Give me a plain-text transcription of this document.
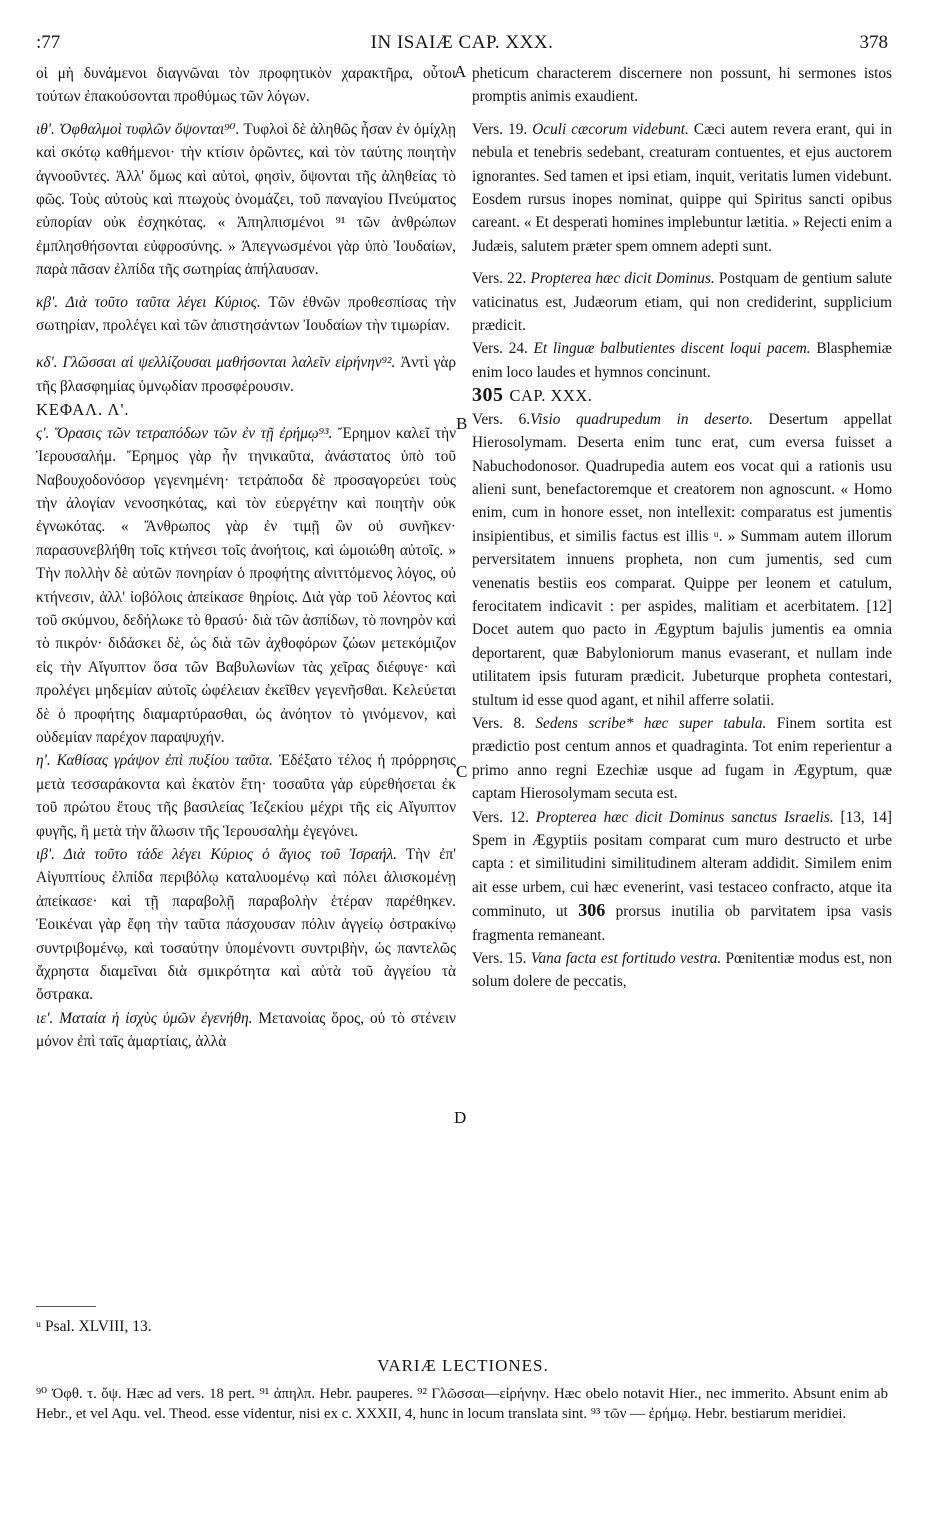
:77	IN ISAIÆ CAP. XXX.	378
A
B
C
D

οἱ μὴ δυνάμενοι διαγνῶναι τὸν προφητικὸν χαρακτῆρα, οὗτοι τούτων ἐπακούσονται προθύμως τῶν λόγων.

ιθ'. Ὀφθαλμοὶ τυφλῶν ὄψονται⁹⁰. Τυφλοὶ δὲ ἀληθῶς ἦσαν ἐν ὁμίχλῃ καὶ σκότῳ καθήμενοι· τὴν κτίσιν ὁρῶντες, καὶ τὸν ταύτης ποιητὴν ἀγνοοῦντες. Ἀλλ' ὅμως καὶ αὐτοὶ, φησὶν, ὄψονται τῆς ἀληθείας τὸ φῶς. Τοὺς αὐτοὺς καὶ πτωχοὺς ὀνομάζει, τοῦ παναγίου Πνεύματος εὐπορίαν οὐκ ἐσχηκότας. « Ἀπηλπισμένοι ⁹¹ τῶν ἀνθρώπων ἐμπλησθήσονται εὐφροσύνης. » Ἀπεγνωσμένοι γὰρ ὑπὸ Ἰουδαίων, παρὰ πᾶσαν ἐλπίδα τῆς σωτηρίας ἀπήλαυσαν.

κβ'. Διὰ τοῦτο ταῦτα λέγει Κύριος. Τῶν ἐθνῶν προθεσπίσας τὴν σωτηρίαν, προλέγει καὶ τῶν ἀπιστησάντων Ἰουδαίων τὴν τιμωρίαν.

κδ'. Γλῶσσαι αἱ ψελλίζουσαι μαθήσονται λαλεῖν εἰρήνην⁹². Ἀντὶ γὰρ τῆς βλασφημίας ὑμνῳδίαν προσφέρουσιν.

ΚΕΦΑΛ. Λ'.

ς'. Ὅρασις τῶν τετραπόδων τῶν ἐν τῇ ἐρήμῳ⁹³. Ἔρημον καλεῖ τὴν Ἱερουσαλήμ. Ἔρημος γὰρ ἦν τηνικαῦτα, ἀνάστατος ὑπὸ τοῦ Ναβουχοδονόσορ γεγενημένη· τετράποδα δὲ προσαγορεύει τοὺς τὴν ἀλογίαν νενοσηκότας, καὶ τὸν εὐεργέτην καὶ ποιητὴν οὐκ ἐγνωκότας. « Ἄνθρωπος γὰρ ἐν τιμῇ ὢν οὐ συνῆκεν· παρασυνεβλήθη τοῖς κτήνεσι τοῖς ἀνοήτοις, καὶ ὡμοιώθη αὐτοῖς. » Τὴν πολλὴν δὲ αὐτῶν πονηρίαν ὁ προφήτης αἰνιττόμενος λόγος, οὐ κτήνεσιν, ἀλλ' ἰοβόλοις ἀπείκασε θηρίοις. Διὰ γὰρ τοῦ λέοντος καὶ τοῦ σκύμνου, δεδήλωκε τὸ θρασύ· διὰ τῶν ἀσπίδων, τὸ πονηρὸν καὶ τὸ πικρόν· διδάσκει δὲ, ὡς διὰ τῶν ἀχθοφόρων ζώων μετεκόμιζον εἰς τὴν Αἴγυπτον ὅσα τῶν Βαβυλωνίων τὰς χεῖρας διέφυγε· καὶ προλέγει μηδεμίαν αὐτοῖς ὠφέλειαν ἐκεῖθεν γεγενῆσθαι. Κελεύεται δὲ ὁ προφήτης διαμαρτύρασθαι, ὡς ἀνόητον τὸ γινόμενον, καὶ οὐδεμίαν παρέχον παραψυχήν.

η'. Καθίσας γράψον ἐπὶ πυξίου ταῦτα. Ἐδέξατο τέλος ἡ πρόρρησις μετὰ τεσσαράκοντα καὶ ἑκατὸν ἔτη· τοσαῦτα γὰρ εὑρεθήσεται ἐκ τοῦ πρώτου ἔτους τῆς βασιλείας Ἰεζεκίου μέχρι τῆς εἰς Αἴγυπτον φυγῆς, ἢ μετὰ τὴν ἅλωσιν τῆς Ἱερουσαλὴμ ἐγεγόνει.

ιβ'. Διὰ τοῦτο τάδε λέγει Κύριος ὁ ἅγιος τοῦ Ἰσραήλ. Τὴν ἐπ' Αἰγυπτίους ἐλπίδα περιβόλῳ καταλυομένῳ καὶ πόλει ἁλισκομένῃ ἀπείκασε· καὶ τῇ παραβολῇ παραβολὴν ἑτέραν παρέθηκεν. Ἐοικέναι γὰρ ἔφη τὴν ταῦτα πάσχουσαν πόλιν ἀγγείῳ ὀστρακίνῳ συντριβομένῳ, καὶ τοσαύτην ὑπομένοντι συντριβὴν, ὡς παντελῶς ἄχρηστα διαμεῖναι διὰ σμικρότητα καὶ αὐτὰ τοῦ ἀγγείου τὰ ὄστρακα.

ιε'. Ματαία ἡ ἰσχὺς ὑμῶν ἐγενήθη. Μετανοίας ὅρος, οὐ τὸ στένειν μόνον ἐπὶ ταῖς ἁμαρτίαις, ἀλλὰ

pheticum characterem discernere non possunt, hi sermones istos promptis animis exaudient.

Vers. 19. Oculi cæcorum videbunt. Cæci autem revera erant, qui in nebula et tenebris sedebant, creaturam contuentes, et ejus auctorem ignorantes. Sed tamen et ipsi etiam, inquit, veritatis lumen videbunt. Eosdem rursus inopes nominat, quippe qui Spiritus sancti opibus careant. « Et desperati homines implebuntur lætitia. » Rejecti enim a Judæis, salutem præter spem omnem adepti sunt.

Vers. 22. Propterea hæc dicit Dominus. Postquam de gentium salute vaticinatus est, Judæorum etiam, qui non crediderint, supplicium prædicit.

Vers. 24. Et linguæ balbutientes discent loqui pacem. Blasphemiæ enim loco laudes et hymnos concinunt.

305 CAP. XXX.

Vers. 6.Visio quadrupedum in deserto. Desertum appellat Hierosolymam. Deserta enim tunc erat, cum eversa fuisset a Nabuchodonosor. Quadrupedia autem eos vocat qui a rationis usu alieni sunt, benefactoremque et creatorem non agnoscunt. « Homo enim, cum in honore esset, non intellexit: comparatus est jumentis insipientibus, et similis factus est illis ᵘ. » Summam autem illorum perversitatem innuens propheta, non cum jumentis, sed cum venenatis bestiis eos comparat. Quippe per leonem et catulum, ferocitatem indicavit : per aspides, malitiam et acerbitatem. [12] Docet autem quo pacto in Ægyptum bajulis jumentis ea omnia deportarent, quæ Babyloniorum manus evaserant, et nullam inde utilitatem ipsis futuram prædicit. Jubeturque propheta contestari, stultum id esse quod agant, et nihil afferre solatii.

Vers. 8. Sedens scribe* hæc super tabula. Finem sortita est prædictio post centum annos et quadraginta. Tot enim reperientur a primo anno regni Ezechiæ usque ad fugam in Ægyptum, quæ captam Hierosolymam secuta est.

Vers. 12. Propterea hæc dicit Dominus sanctus Israelis. [13, 14] Spem in Ægyptiis positam comparat cum muro destructo et urbe capta : et similitudini similitudinem alteram addidit. Similem enim ait esse urbem, cui hæc evenerint, vasi testaceo confracto, atque ita comminuto, ut 306 prorsus inutilia ob parvitatem ipsa vasis fragmenta remaneant.

Vers. 15. Vana facta est fortitudo vestra. Pœnitentiæ modus est, non solum dolere de peccatis,

ᵘ Psal. XLVIII, 13.
VARIÆ LECTIONES.
⁹⁰ Ὀφθ. τ. ὄψ. Hæc ad vers. 18 pert. ⁹¹ ἀπηλπ. Hebr. pauperes. ⁹² Γλῶσσαι—εἰρήνην. Hæc obelo notavit Hier., nec immerito. Absunt enim ab Hebr., et vel Aqu. vel. Theod. esse videntur, nisi ex c. XXXII, 4, hunc in locum translata sint. ⁹³ τῶν — ἐρήμῳ. Hebr. bestiarum meridiei.
